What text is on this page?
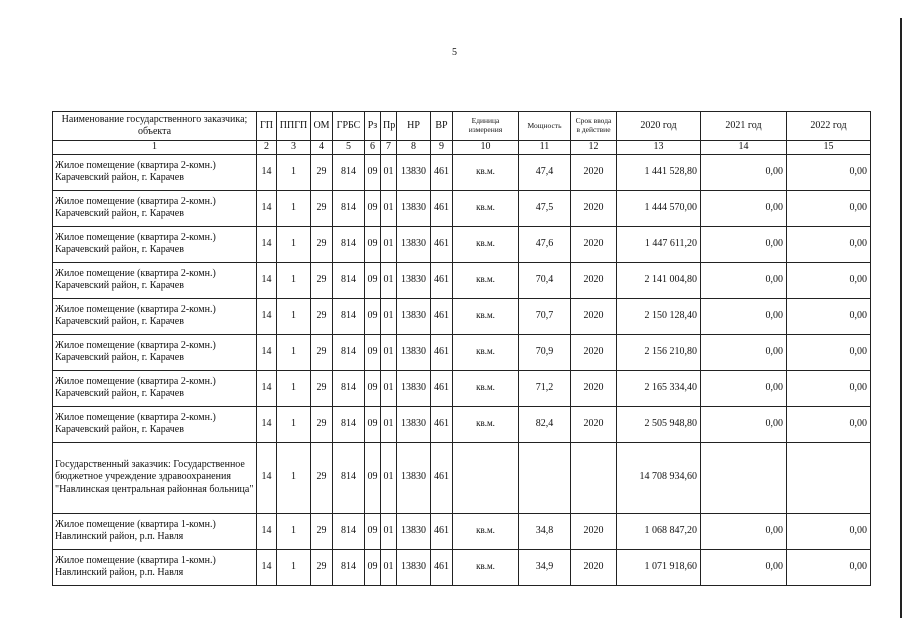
5
Наименование государственного заказчика; объекта	ГП	ППГП	ОМ	ГРБС	Рз	Пр	НР	ВР	Единица измерения	Мощность	Срок ввода в действие	2020 год	2021 год	2022 год
1	2	3	4	5	6	7	8	9	10	11	12	13	14	15
Жилое помещение (квартира 2-комн.) Карачевский район, г. Карачев	14	1	29	814	09	01	13830	461	кв.м.	47,4	2020	1 441 528,80	0,00	0,00
Жилое помещение (квартира 2-комн.) Карачевский район, г. Карачев	14	1	29	814	09	01	13830	461	кв.м.	47,5	2020	1 444 570,00	0,00	0,00
Жилое помещение (квартира 2-комн.) Карачевский район, г. Карачев	14	1	29	814	09	01	13830	461	кв.м.	47,6	2020	1 447 611,20	0,00	0,00
Жилое помещение (квартира 2-комн.) Карачевский район, г. Карачев	14	1	29	814	09	01	13830	461	кв.м.	70,4	2020	2 141 004,80	0,00	0,00
Жилое помещение (квартира 2-комн.) Карачевский район, г. Карачев	14	1	29	814	09	01	13830	461	кв.м.	70,7	2020	2 150 128,40	0,00	0,00
Жилое помещение (квартира 2-комн.) Карачевский район, г. Карачев	14	1	29	814	09	01	13830	461	кв.м.	70,9	2020	2 156 210,80	0,00	0,00
Жилое помещение (квартира 2-комн.) Карачевский район, г. Карачев	14	1	29	814	09	01	13830	461	кв.м.	71,2	2020	2 165 334,40	0,00	0,00
Жилое помещение (квартира 2-комн.) Карачевский район, г. Карачев	14	1	29	814	09	01	13830	461	кв.м.	82,4	2020	2 505 948,80	0,00	0,00
Государственный заказчик: Государственное бюджетное учреждение здравоохранения "Навлинская центральная районная больница"	14	1	29	814	09	01	13830	461				14 708 934,60		
Жилое помещение (квартира 1-комн.) Навлинский район, р.п. Навля	14	1	29	814	09	01	13830	461	кв.м.	34,8	2020	1 068 847,20	0,00	0,00
Жилое помещение (квартира 1-комн.) Навлинский район, р.п. Навля	14	1	29	814	09	01	13830	461	кв.м.	34,9	2020	1 071 918,60	0,00	0,00
